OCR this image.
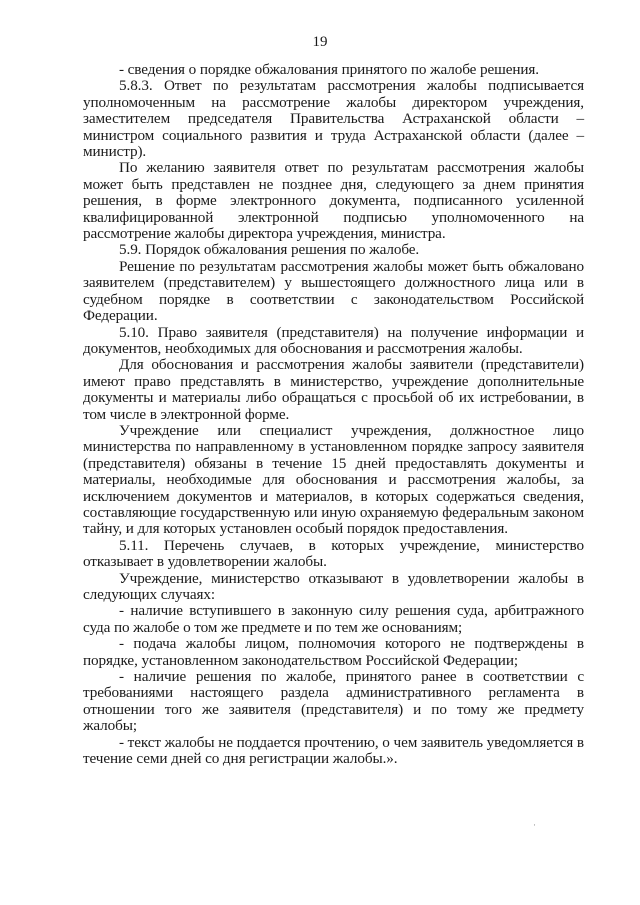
19

- сведения о порядке обжалования принятого по жалобе решения.

5.8.3. Ответ по результатам рассмотрения жалобы подписывается уполномоченным на рассмотрение жалобы директором учреждения, заместителем председателя Правительства Астраханской области – министром социального развития и труда Астраханской области (далее – министр).

По желанию заявителя ответ по результатам рассмотрения жалобы может быть представлен не позднее дня, следующего за днем принятия решения, в форме электронного документа, подписанного усиленной квалифицированной электронной подписью уполномоченного на рассмотрение жалобы директора учреждения, министра.

5.9. Порядок обжалования решения по жалобе.

Решение по результатам рассмотрения жалобы может быть обжаловано заявителем (представителем) у вышестоящего должностного лица или в судебном порядке в соответствии с законодательством Российской Федерации.

5.10. Право заявителя (представителя) на получение информации и документов, необходимых для обоснования и рассмотрения жалобы.

Для обоснования и рассмотрения жалобы заявители (представители) имеют право представлять в министерство, учреждение дополнительные документы и материалы либо обращаться с просьбой об их истребовании, в том числе в электронной форме.

Учреждение или специалист учреждения, должностное лицо министерства по направленному в установленном порядке запросу заявителя (представителя) обязаны в течение 15 дней предоставлять документы и материалы, необходимые для обоснования и рассмотрения жалобы, за исключением документов и материалов, в которых содержаться сведения, составляющие государственную или иную охраняемую федеральным законом тайну, и для которых установлен особый порядок предоставления.

5.11. Перечень случаев, в которых учреждение, министерство отказывает в удовлетворении жалобы.

Учреждение, министерство отказывают в удовлетворении жалобы в следующих случаях:

- наличие вступившего в законную силу решения суда, арбитражного суда по жалобе о том же предмете и по тем же основаниям;

- подача жалобы лицом, полномочия которого не подтверждены в порядке, установленном законодательством Российской Федерации;

- наличие решения по жалобе, принятого ранее в соответствии с требованиями настоящего раздела административного регламента в отношении того же заявителя (представителя) и по тому же предмету жалобы;

- текст жалобы не поддается прочтению, о чем заявитель уведомляется в течение семи дней со дня регистрации жалобы.».

·
